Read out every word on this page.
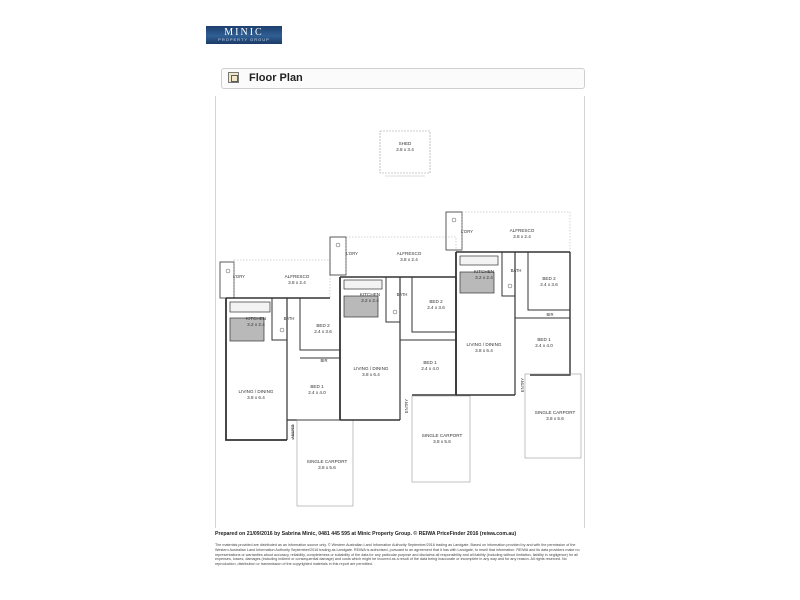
MINIC
PROPERTY GROUP
Floor Plan
SHED
2.8 x 3.4
L'DRY	ALFRESCO
3.8 x 2.4
KITCHEN
3.2 x 2.4
BATH
BED 2
2.4 x 3.6
BIR
BED 1
2.4 x 4.0
LIVING / DINING
3.8 x 6.4
SINGLE CARPORT
3.8 x 5.6
L'DRY	ALFRESCO
3.8 x 2.4
KITCHEN
3.2 x 2.4
BATH
BED 2
2.4 x 3.6
BED 1
2.4 x 4.0
LIVING / DINING
3.8 x 6.4
SINGLE CARPORT
3.8 x 5.6
L'DRY	ALFRESCO
3.8 x 2.4
KITCHEN
3.2 x 2.4
BATH
BED 2
2.4 x 3.6
BIR
BED 1
2.4 x 4.0
LIVING / DINING
3.8 x 6.4
SINGLE CARPORT
3.8 x 5.6
ENTRY
ENTRY
ENTRY
Prepared on 21/09/2016 by Sabrina Minic, 0481 445 595 at Minic Property Group. © REIWA PriceFinder 2016 (reiwa.com.au)
The materials provided are distributed as an information source only. © Western Australian Land Information Authority September/2016 trading as Landgate. Based on information provided by and with the permission of the Western Australian Land Information Authority September/2016 trading as Landgate. REIWA is authorised, pursuant to an agreement that it has with Landgate, to resell that information. REIWA and its data providers make no representations or warranties about accuracy, reliability, completeness or suitability of the data for any particular purpose and disclaims all responsibility and all liability (including without limitation, liability in negligence) for all expenses, losses, damages (including indirect or consequential damage) and costs which might be incurred as a result of the data being inaccurate or incomplete in any way and for any reason. All rights reserved. No reproduction, distribution or transmission of the copyrighted materials in this report are permitted.
